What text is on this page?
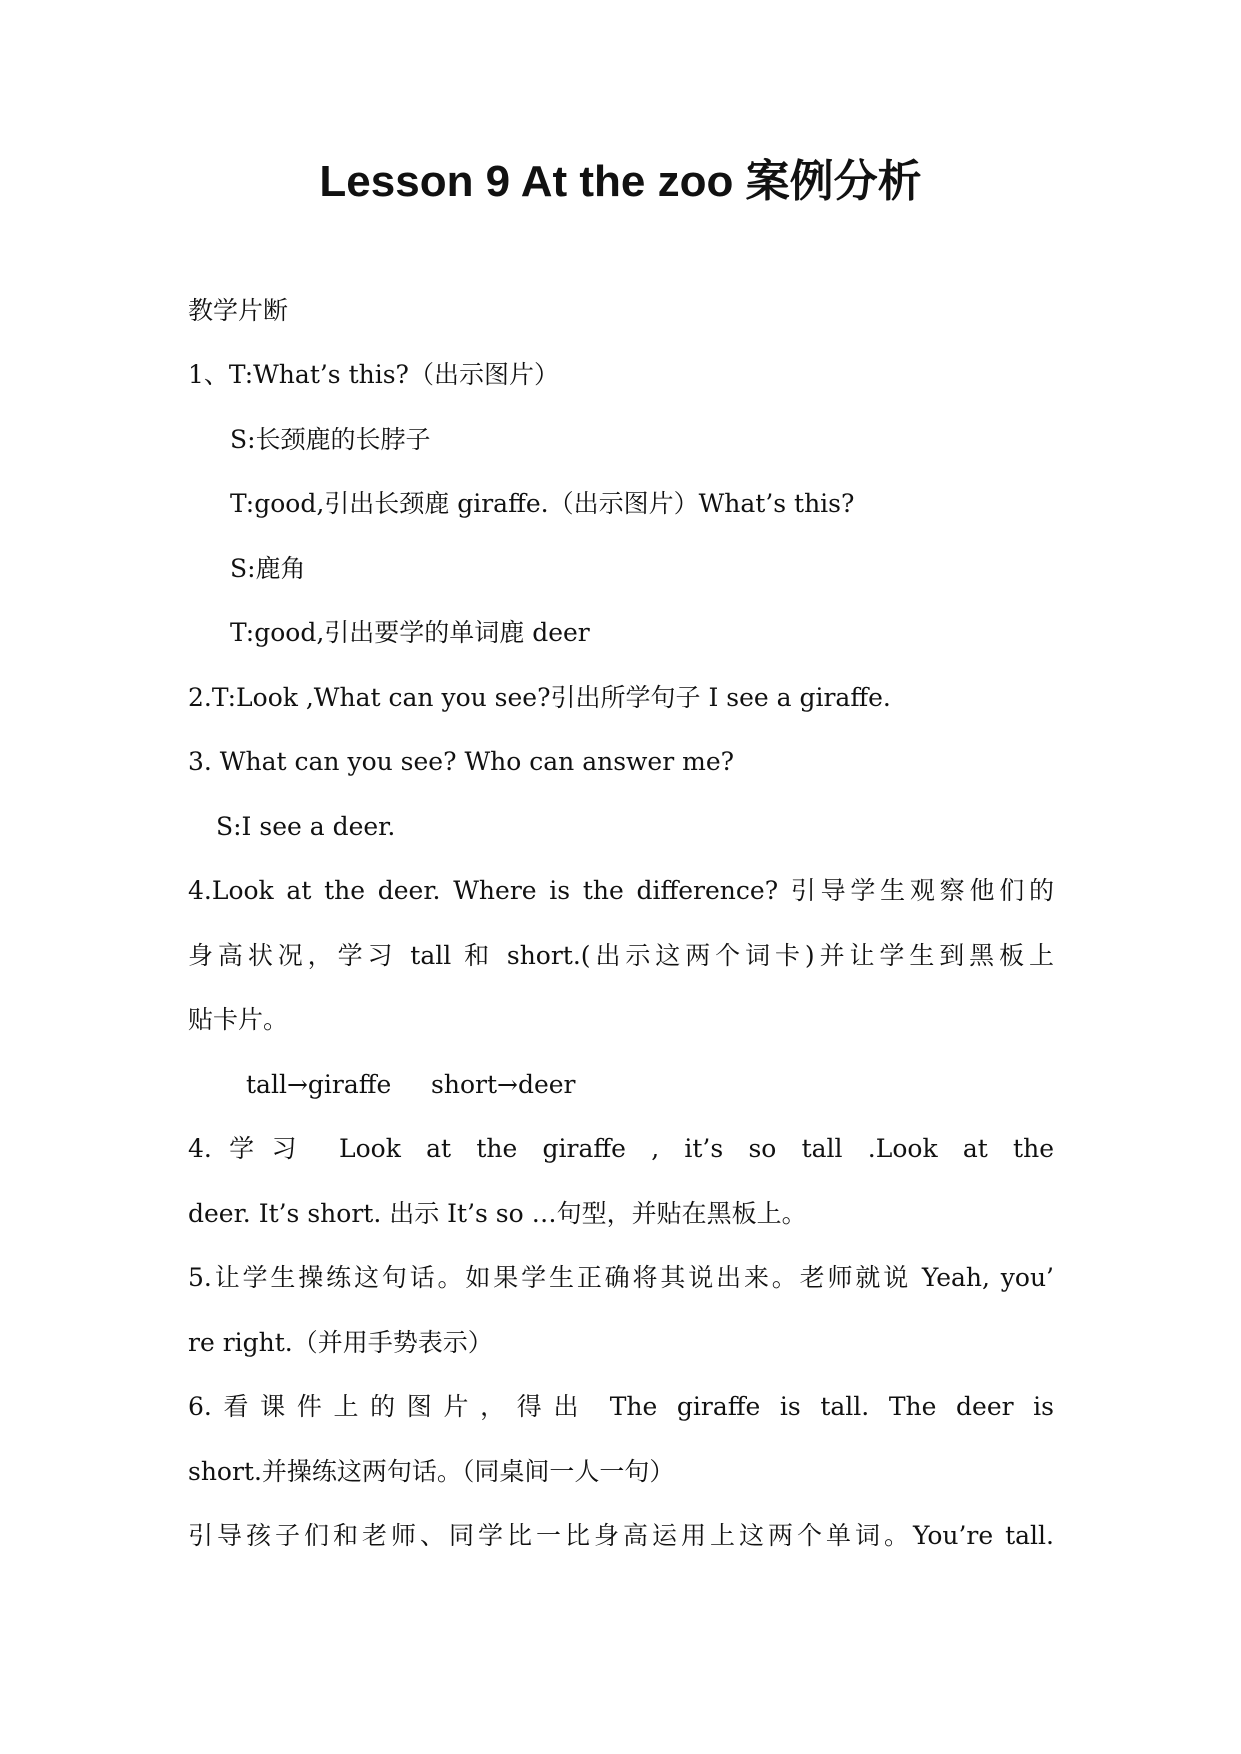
Lesson 9 At the zoo 案例分析
教学片断
1、T:What’s this?（出示图片）
S:长颈鹿的长脖子
T:good,引出长颈鹿 giraffe.（出示图片）What’s this?
S:鹿角
T:good,引出要学的单词鹿 deer
2.T:Look ,What can you see?引出所学句子 I see a giraffe.
3. What can you see? Who can answer me?
S:I see a deer.
4.Look at the deer. Where is the difference? 引导学生观察他们的
身高状况，学习 tall 和 short.(出示这两个词卡)并让学生到黑板上
贴卡片。
tall→giraffe     short→deer
4.学习 Look at the giraffe , it’s so tall .Look at the
deer. It’s short. 出示 It’s so …句型，并贴在黑板上。
5.让学生操练这句话。如果学生正确将其说出来。老师就说 Yeah, you’
re right.（并用手势表示）
6.看课件上的图片，得出 The giraffe is tall. The deer is
short.并操练这两句话。（同桌间一人一句）
引导孩子们和老师、同学比一比身高运用上这两个单词。You’re tall.
